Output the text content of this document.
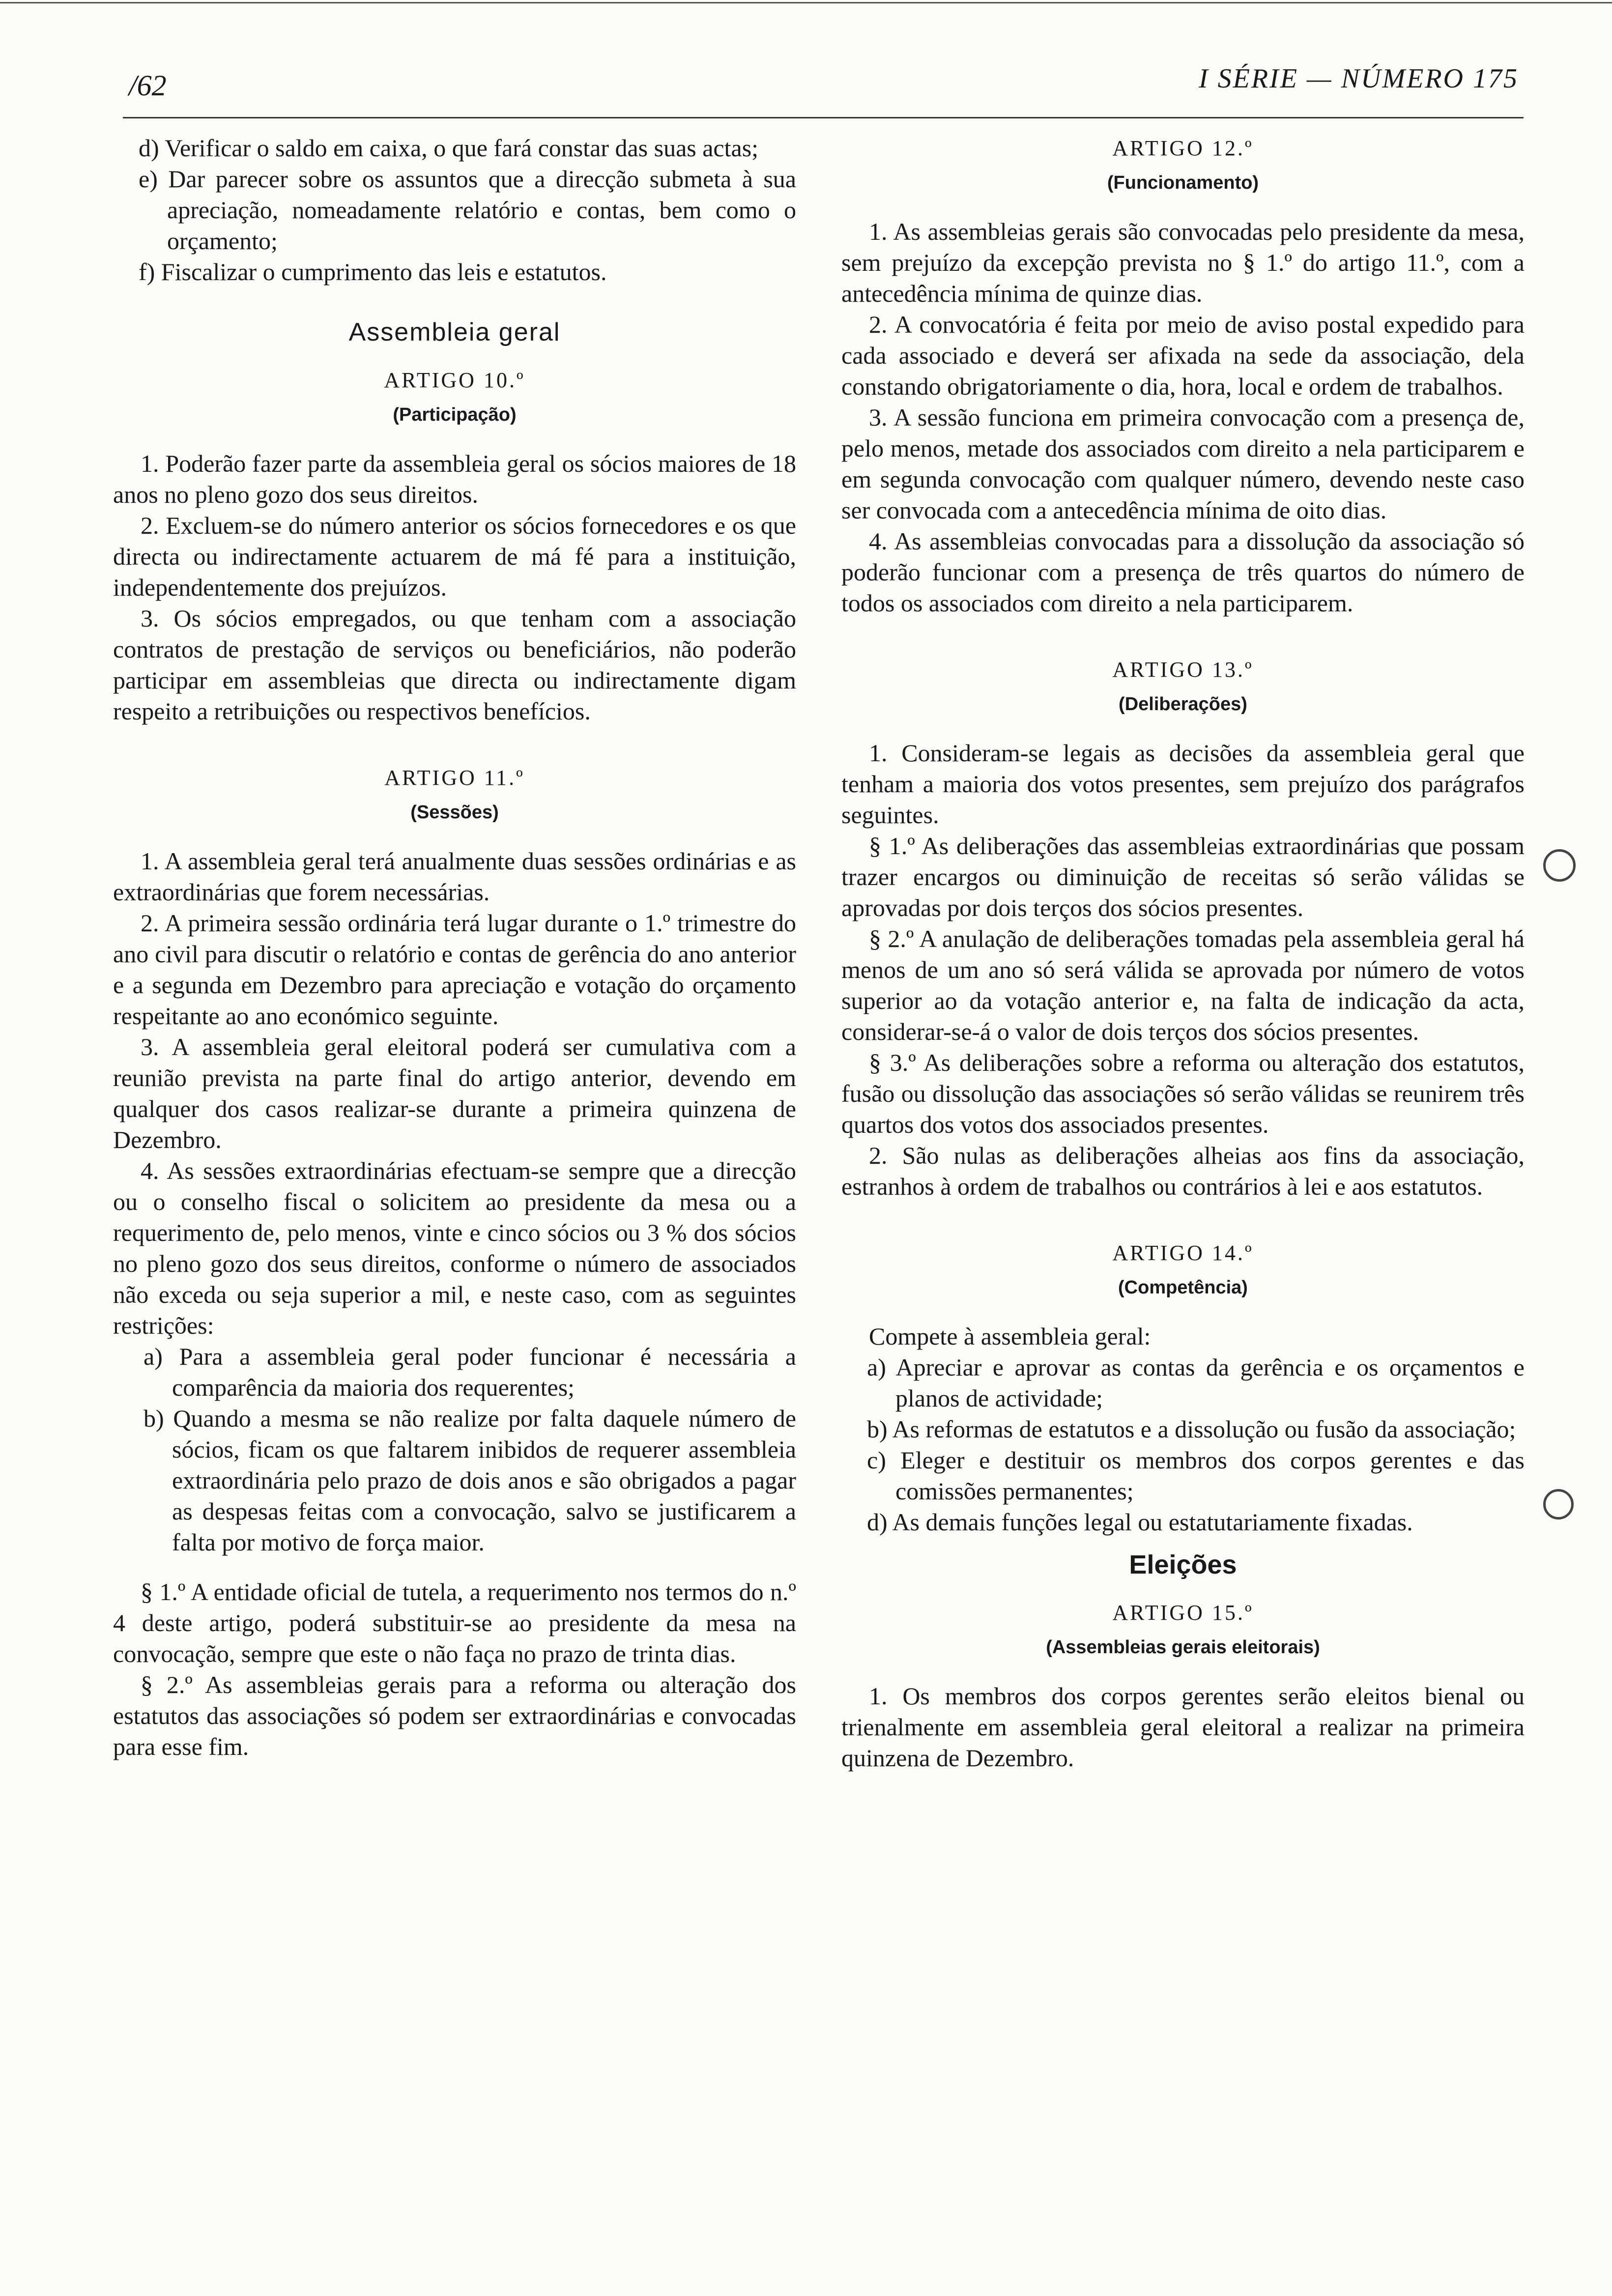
/62	I SÉRIE — NÚMERO 175

d) Verificar o saldo em caixa, o que fará constar das suas actas;

e) Dar parecer sobre os assuntos que a direcção submeta à sua apreciação, nomeadamente relatório e contas, bem como o orçamento;

f) Fiscalizar o cumprimento das leis e estatutos.

Assembleia geral

ARTIGO 10.º

(Participação)

1. Poderão fazer parte da assembleia geral os sócios maiores de 18 anos no pleno gozo dos seus direitos.

2. Excluem-se do número anterior os sócios fornecedores e os que directa ou indirectamente actuarem de má fé para a instituição, independentemente dos prejuízos.

3. Os sócios empregados, ou que tenham com a associação contratos de prestação de serviços ou beneficiários, não poderão participar em assembleias que directa ou indirectamente digam respeito a retribuições ou respectivos benefícios.

ARTIGO 11.º

(Sessões)

1. A assembleia geral terá anualmente duas sessões ordinárias e as extraordinárias que forem necessárias.

2. A primeira sessão ordinária terá lugar durante o 1.º trimestre do ano civil para discutir o relatório e contas de gerência do ano anterior e a segunda em Dezembro para apreciação e votação do orçamento respeitante ao ano económico seguinte.

3. A assembleia geral eleitoral poderá ser cumulativa com a reunião prevista na parte final do artigo anterior, devendo em qualquer dos casos realizar-se durante a primeira quinzena de Dezembro.

4. As sessões extraordinárias efectuam-se sempre que a direcção ou o conselho fiscal o solicitem ao presidente da mesa ou a requerimento de, pelo menos, vinte e cinco sócios ou 3 % dos sócios no pleno gozo dos seus direitos, conforme o número de associados não exceda ou seja superior a mil, e neste caso, com as seguintes restrições:

a) Para a assembleia geral poder funcionar é necessária a comparência da maioria dos requerentes;

b) Quando a mesma se não realize por falta daquele número de sócios, ficam os que faltarem inibidos de requerer assembleia extraordinária pelo prazo de dois anos e são obrigados a pagar as despesas feitas com a convocação, salvo se justificarem a falta por motivo de força maior.

§ 1.º A entidade oficial de tutela, a requerimento nos termos do n.º 4 deste artigo, poderá substituir-se ao presidente da mesa na convocação, sempre que este o não faça no prazo de trinta dias.

§ 2.º As assembleias gerais para a reforma ou alteração dos estatutos das associações só podem ser extraordinárias e convocadas para esse fim.

ARTIGO 12.º

(Funcionamento)

1. As assembleias gerais são convocadas pelo presidente da mesa, sem prejuízo da excepção prevista no § 1.º do artigo 11.º, com a antecedência mínima de quinze dias.

2. A convocatória é feita por meio de aviso postal expedido para cada associado e deverá ser afixada na sede da associação, dela constando obrigatoriamente o dia, hora, local e ordem de trabalhos.

3. A sessão funciona em primeira convocação com a presença de, pelo menos, metade dos associados com direito a nela participarem e em segunda convocação com qualquer número, devendo neste caso ser convocada com a antecedência mínima de oito dias.

4. As assembleias convocadas para a dissolução da associação só poderão funcionar com a presença de três quartos do número de todos os associados com direito a nela participarem.

ARTIGO 13.º

(Deliberações)

1. Consideram-se legais as decisões da assembleia geral que tenham a maioria dos votos presentes, sem prejuízo dos parágrafos seguintes.

§ 1.º As deliberações das assembleias extraordinárias que possam trazer encargos ou diminuição de receitas só serão válidas se aprovadas por dois terços dos sócios presentes.

§ 2.º A anulação de deliberações tomadas pela assembleia geral há menos de um ano só será válida se aprovada por número de votos superior ao da votação anterior e, na falta de indicação da acta, considerar-se-á o valor de dois terços dos sócios presentes.

§ 3.º As deliberações sobre a reforma ou alteração dos estatutos, fusão ou dissolução das associações só serão válidas se reunirem três quartos dos votos dos associados presentes.

2. São nulas as deliberações alheias aos fins da associação, estranhos à ordem de trabalhos ou contrários à lei e aos estatutos.

ARTIGO 14.º

(Competência)

Compete à assembleia geral:

a) Apreciar e aprovar as contas da gerência e os orçamentos e planos de actividade;

b) As reformas de estatutos e a dissolução ou fusão da associação;

c) Eleger e destituir os membros dos corpos gerentes e das comissões permanentes;

d) As demais funções legal ou estatutariamente fixadas.

Eleições

ARTIGO 15.º

(Assembleias gerais eleitorais)

1. Os membros dos corpos gerentes serão eleitos bienal ou trienalmente em assembleia geral eleitoral a realizar na primeira quinzena de Dezembro.
